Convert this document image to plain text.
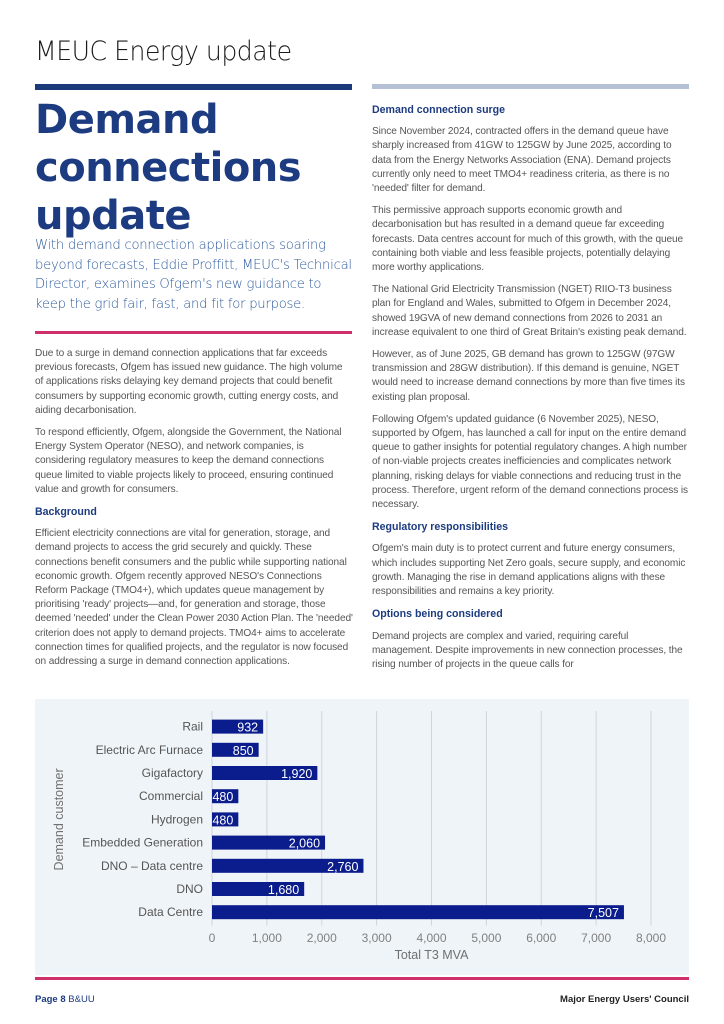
MEUC Energy update
Demand
connections
update

With demand connection applications soaring beyond forecasts, Eddie Proffitt, MEUC's Technical Director, examines Ofgem's new guidance to keep the grid fair, fast, and fit for purpose.

Due to a surge in demand connection applications that far exceeds previous forecasts, Ofgem has issued new guidance. The high volume of applications risks delaying key demand projects that could benefit consumers by supporting economic growth, cutting energy costs, and aiding decarbonisation.

To respond efficiently, Ofgem, alongside the Government, the National Energy System Operator (NESO), and network companies, is considering regulatory measures to keep the demand connections queue limited to viable projects likely to proceed, ensuring continued value and growth for consumers.

Background

Efficient electricity connections are vital for generation, storage, and demand projects to access the grid securely and quickly. These connections benefit consumers and the public while supporting national economic growth. Ofgem recently approved NESO's Connections Reform Package (TMO4+), which updates queue management by prioritising 'ready' projects—and, for generation and storage, those deemed 'needed' under the Clean Power 2030 Action Plan. The 'needed' criterion does not apply to demand projects. TMO4+ aims to accelerate connection times for qualified projects, and the regulator is now focused on addressing a surge in demand connection applications.

Demand connection surge

Since November 2024, contracted offers in the demand queue have sharply increased from 41GW to 125GW by June 2025, according to data from the Energy Networks Association (ENA). Demand projects currently only need to meet TMO4+ readiness criteria, as there is no 'needed' filter for demand.

This permissive approach supports economic growth and decarbonisation but has resulted in a demand queue far exceeding forecasts. Data centres account for much of this growth, with the queue containing both viable and less feasible projects, potentially delaying more worthy applications.

The National Grid Electricity Transmission (NGET) RIIO-T3 business plan for England and Wales, submitted to Ofgem in December 2024, showed 19GVA of new demand connections from 2026 to 2031 an increase equivalent to one third of Great Britain's existing peak demand.

However, as of June 2025, GB demand has grown to 125GW (97GW transmission and 28GW distribution). If this demand is genuine, NGET would need to increase demand connections by more than five times its existing plan proposal.

Following Ofgem's updated guidance (6 November 2025), NESO, supported by Ofgem, has launched a call for input on the entire demand queue to gather insights for potential regulatory changes. A high number of non-viable projects creates inefficiencies and complicates network planning, risking delays for viable connections and reducing trust in the process. Therefore, urgent reform of the demand connections process is necessary.

Regulatory responsibilities

Ofgem's main duty is to protect current and future energy consumers, which includes supporting Net Zero goals, secure supply, and economic growth. Managing the rise in demand applications aligns with these responsibilities and remains a key priority.

Options being considered

Demand projects are complex and varied, requiring careful management. Despite improvements in new connection processes, the rising number of projects in the queue calls for

0	1,000 2,000 3,000 4,000 5,000 6,000 7,000 8,000
Rail	932
Electric Arc Furnace 850
Gigafactory	1,920
Commercial 480
Hydrogen 480
Embedded Generation	2,060
DNO – Data centre	2,760
DNO	1,680
Data Centre	7,507
Total T3 MVA
Demand customer
Page 8 B&UU	Major Energy Users' Council
